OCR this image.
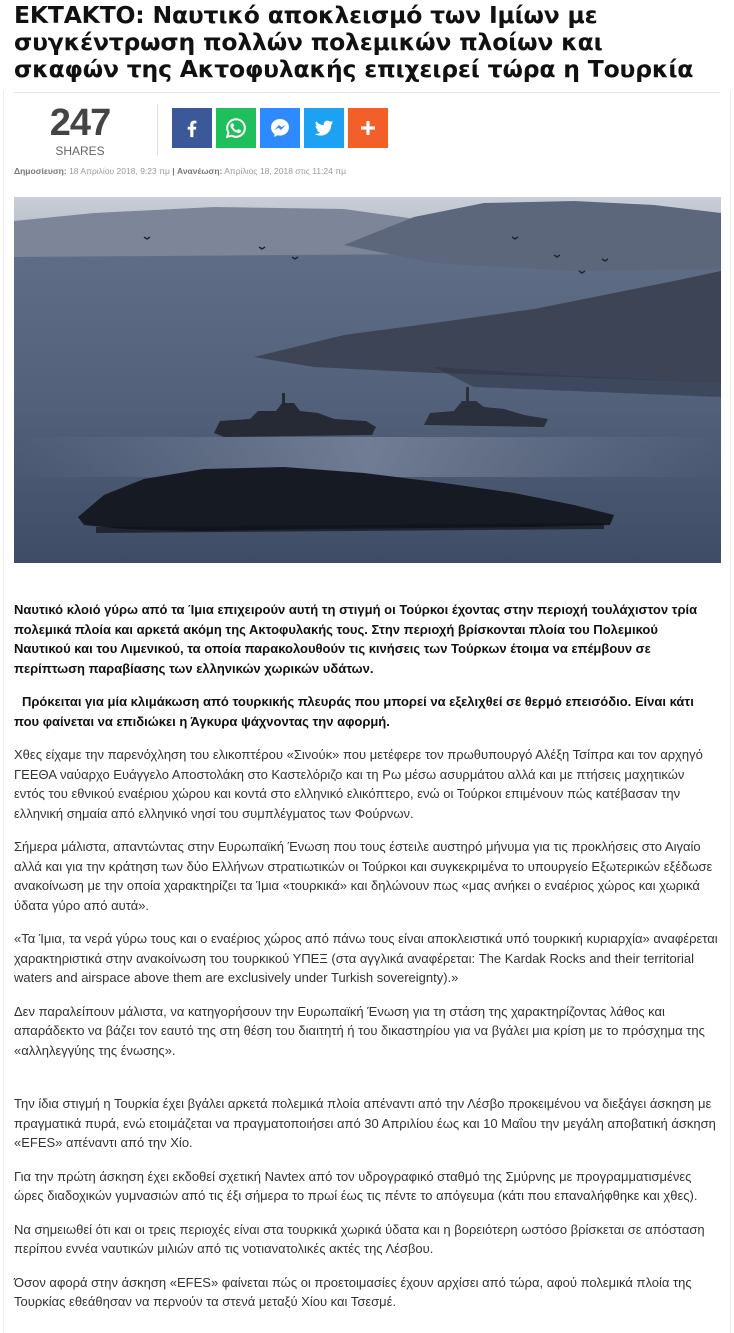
ΕΚΤΑΚΤΟ: Ναυτικό αποκλεισμό των Ιμίων με συγκέντρωση πολλών πολεμικών πλοίων και σκαφών της Ακτοφυλακής επιχειρεί τώρα η Τουρκία
247
SHARES
Δημοσίευση: 18 Απριλίου 2018, 9:23 πμ | Ανανέωση: Απρίλιος 18, 2018 στις 11:24 πμ

Ναυτικό κλοιό γύρω από τα Ίμια επιχειρούν αυτή τη στιγμή οι Τούρκοι έχοντας στην περιοχή τουλάχιστον τρία πολεμικά πλοία και αρκετά ακόμη της Ακτοφυλακής τους. Στην περιοχή βρίσκονται πλοία του Πολεμικού Ναυτικού και του Λιμενικού, τα οποία παρακολουθούν τις κινήσεις των Τούρκων έτοιμα να επέμβουν σε περίπτωση παραβίασης των ελληνικών χωρικών υδάτων.

Πρόκειται για μία κλιμάκωση από τουρκικής πλευράς που μπορεί να εξελιχθεί σε θερμό επεισόδιο. Είναι κάτι που φαίνεται να επιδιώκει η Άγκυρα ψάχνοντας την αφορμή.

Χθες είχαμε την παρενόχληση του ελικοπτέρου «Σινούκ» που μετέφερε τον πρωθυπουργό Αλέξη Τσίπρα και τον αρχηγό ΓΕΕΘΑ ναύαρχο Ευάγγελο Αποστολάκη στο Καστελόριζο και τη Ρω μέσω ασυρμάτου αλλά και με πτήσεις μαχητικών εντός του εθνικού εναέριου χώρου και κοντά στο ελληνικό ελικόπτερο, ενώ οι Τούρκοι επιμένουν πώς κατέβασαν την ελληνική σημαία από ελληνικό νησί του συμπλέγματος των Φούρνων.

Σήμερα μάλιστα, απαντώντας στην Ευρωπαϊκή Ένωση που τους έστειλε αυστηρό μήνυμα για τις προκλήσεις στο Αιγαίο αλλά και για την κράτηση των δύο Ελλήνων στρατιωτικών οι Τούρκοι και συγκεκριμένα το υπουργείο Εξωτερικών εξέδωσε ανακοίνωση με την οποία χαρακτηρίζει τα Ίμια «τουρκικά» και δηλώνουν πως «μας ανήκει ο εναέριος χώρος και χωρικά ύδατα γύρο από αυτά».

«Τα Ίμια, τα νερά γύρω τους και ο εναέριος χώρος από πάνω τους είναι αποκλειστικά υπό τουρκική κυριαρχία» αναφέρεται χαρακτηριστικά στην ανακοίνωση του τουρκικού ΥΠΕΞ (στα αγγλικά αναφέρεται: The Kardak Rocks and their territorial waters and airspace above them are exclusively under Turkish sovereignty).»

Δεν παραλείπουν μάλιστα, να κατηγορήσουν την Ευρωπαϊκή Ένωση για τη στάση της χαρακτηρίζοντας λάθος και απαράδεκτο να βάζει τον εαυτό της στη θέση του διαιτητή ή του δικαστηρίου για να βγάλει μια κρίση με το πρόσχημα της «αλληλεγγύης της ένωσης».

Την ίδια στιγμή η Τουρκία έχει βγάλει αρκετά πολεμικά πλοία απέναντι από την Λέσβο προκειμένου να διεξάγει άσκηση με πραγματικά πυρά, ενώ ετοιμάζεται να πραγματοποιήσει από 30 Απριλίου έως και 10 Μαΐου την μεγάλη αποβατική άσκηση «EFES» απέναντι από την Χίο.

Για την πρώτη άσκηση έχει εκδοθεί σχετική Navtex από τον υδρογραφικό σταθμό της Σμύρνης με προγραμματισμένες ώρες διαδοχικών γυμνασιών από τις έξι σήμερα το πρωί έως τις πέντε το απόγευμα (κάτι που επαναλήφθηκε και χθες).

Να σημειωθεί ότι και οι τρεις περιοχές είναι στα τουρκικά χωρικά ύδατα και η βορειότερη ωστόσο βρίσκεται σε απόσταση περίπου εννέα ναυτικών μιλιών από τις νοτιανατολικές ακτές της Λέσβου.

Όσον αφορά στην άσκηση «EFES» φαίνεται πώς οι προετοιμασίες έχουν αρχίσει από τώρα, αφού πολεμικά πλοία της Τουρκίας εθεάθησαν να περνούν τα στενά μεταξύ Χίου και Τσεσμέ.
